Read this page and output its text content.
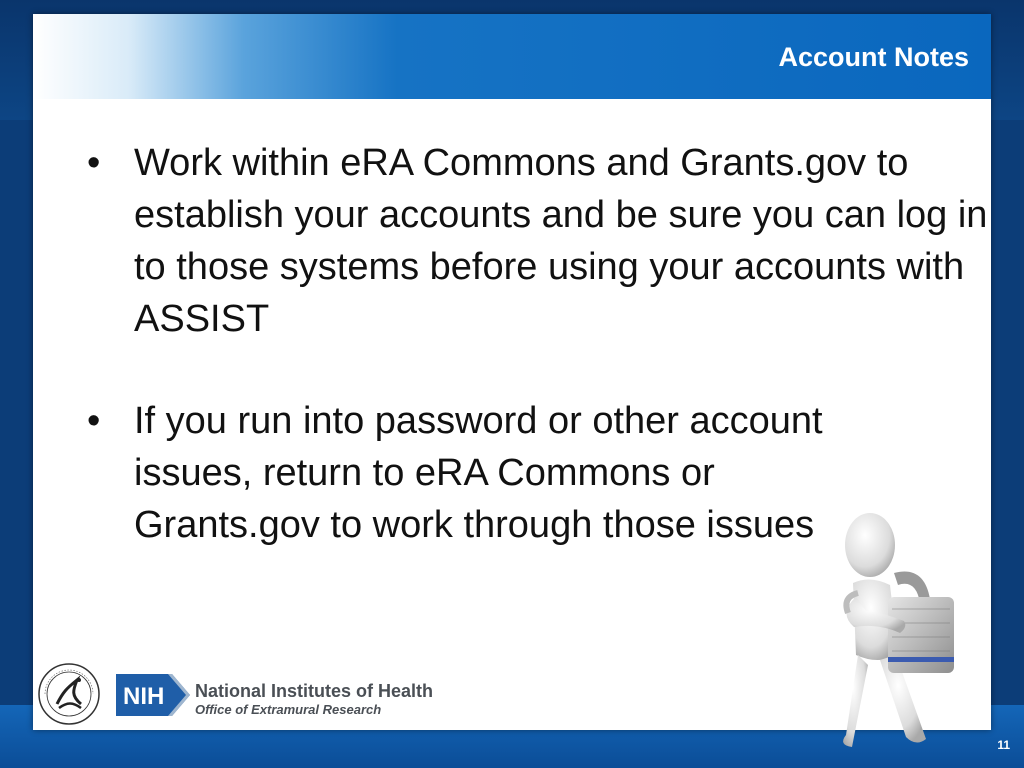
Account Notes
• Work within eRA Commons and Grants.gov to establish your accounts and be sure you can log in to those systems before using your accounts with ASSIST
• If you run into password or other account issues, return to eRA Commons or Grants.gov to work through those issues
NIH National Institutes of Health
Office of Extramural Research
11
